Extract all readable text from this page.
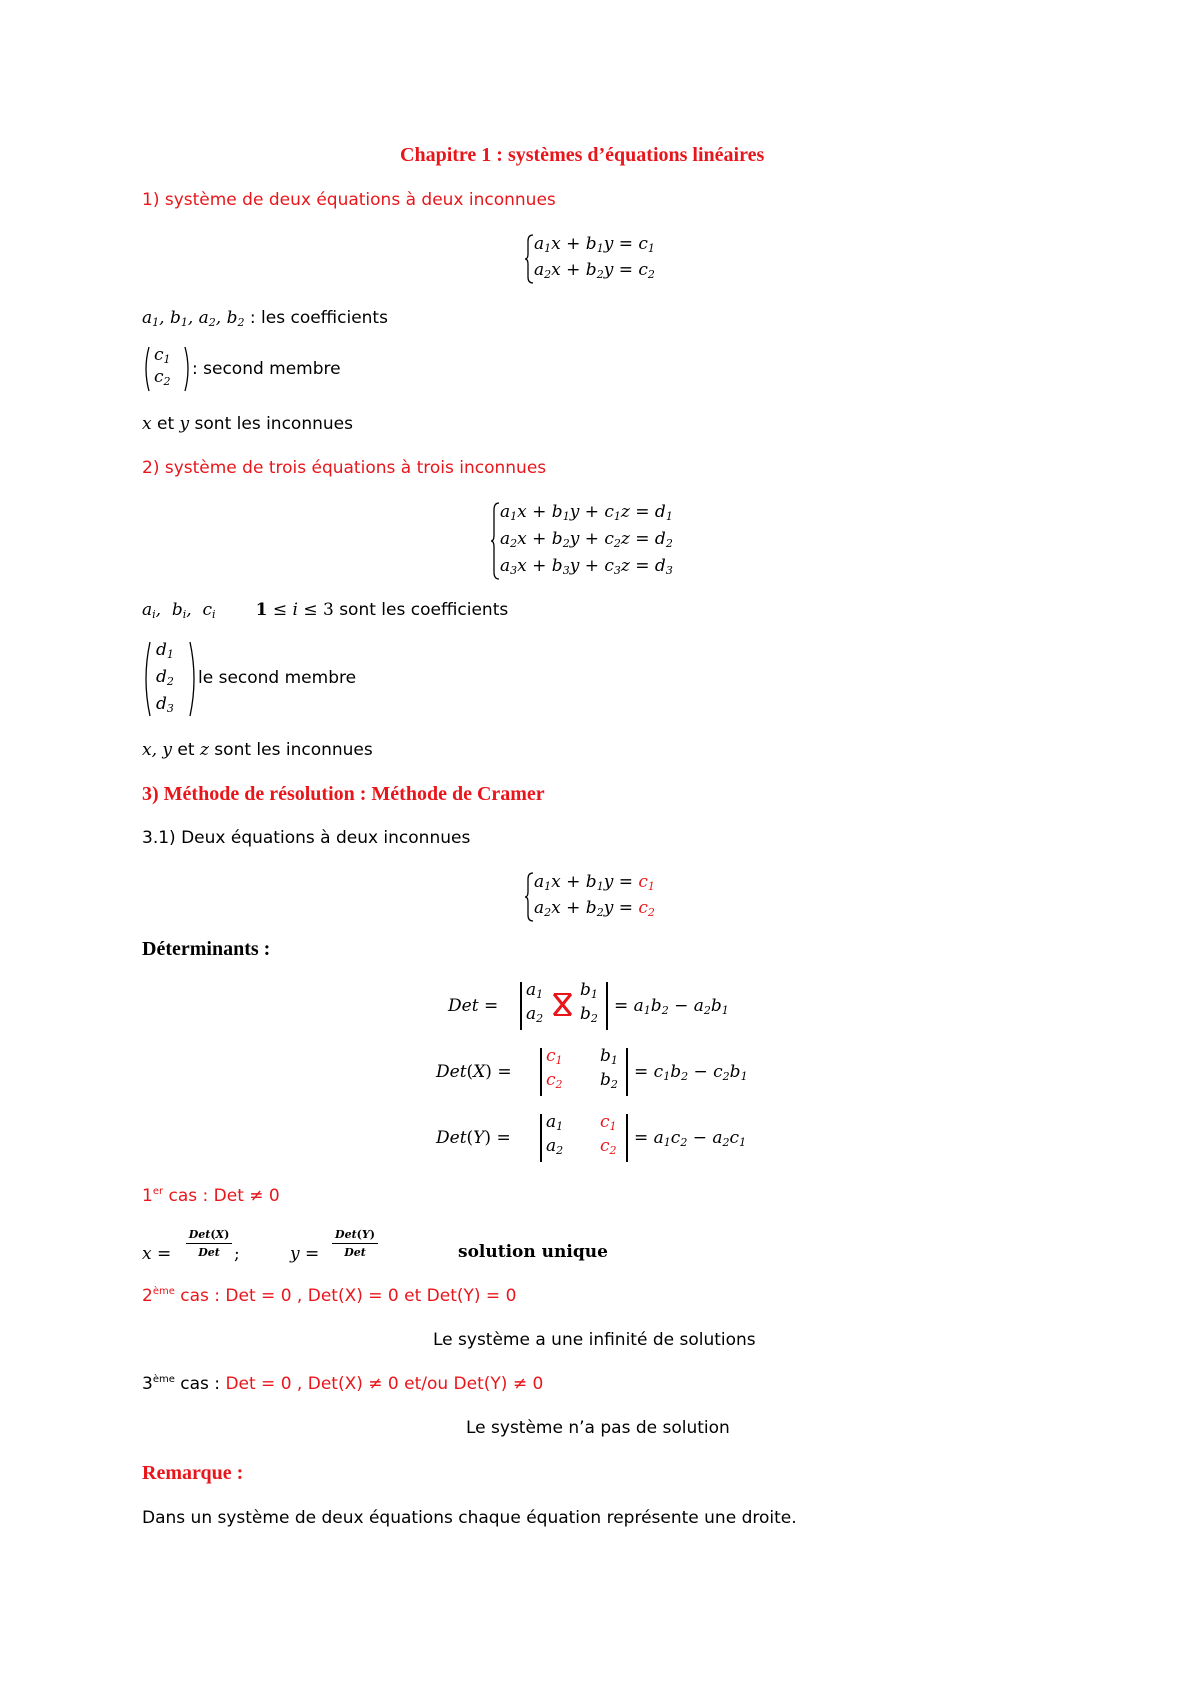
Chapitre 1 : systèmes d’équations linéaires
1) système de deux équations à deux inconnues
$a_1x + b_1y = c_1$
$a_2x + b_2y = c_2$
$a_1$, $b_1$, $a_2$, $b_2$ : les coefficients
$c_1$
$c_2$
: second membre
x et y sont les inconnues
2) système de trois équations à trois inconnues
$a_1x + b_1y + c_1z = d_1$
$a_2x + b_2y + c_2z = d_2$
$a_3x + b_3y + c_3z = d_3$
$a_i$,  $b_i$,  $c_i$ 1 ≤ i ≤ 3 sont les coefficients
$d_1$
$d_2$
$d_3$
le second membre
x, y et z sont les inconnues
3) Méthode de résolution : Méthode de Cramer
3.1) Deux équations à deux inconnues
$a_1x + b_1y = c_1$
$a_2x + b_2y = c_2$
Déterminants :
Det =
$a_1$
$a_2$
$b_1$
$b_2$
= $a_1b_2 - a_2b_1$
Det(X) =
$c_1$
$c_2$
$b_1$
$b_2$
= $c_1b_2 - c_2b_1$
Det(Y) =
$a_1$
$a_2$
$c_1$
$c_2$
= $a_1c_2 - a_2c_1$
1er cas : Det ≠ 0
x =
Det(X)
Det ;	y =
Det(Y)
Det	solution unique
2ème cas : Det = 0 , Det(X) = 0 et Det(Y) = 0
Le système a une infinité de solutions
3ème cas : Det = 0 , Det(X) ≠ 0 et/ou Det(Y) ≠ 0
Le système n’a pas de solution
Remarque :
Dans un système de deux équations chaque équation représente une droite.
